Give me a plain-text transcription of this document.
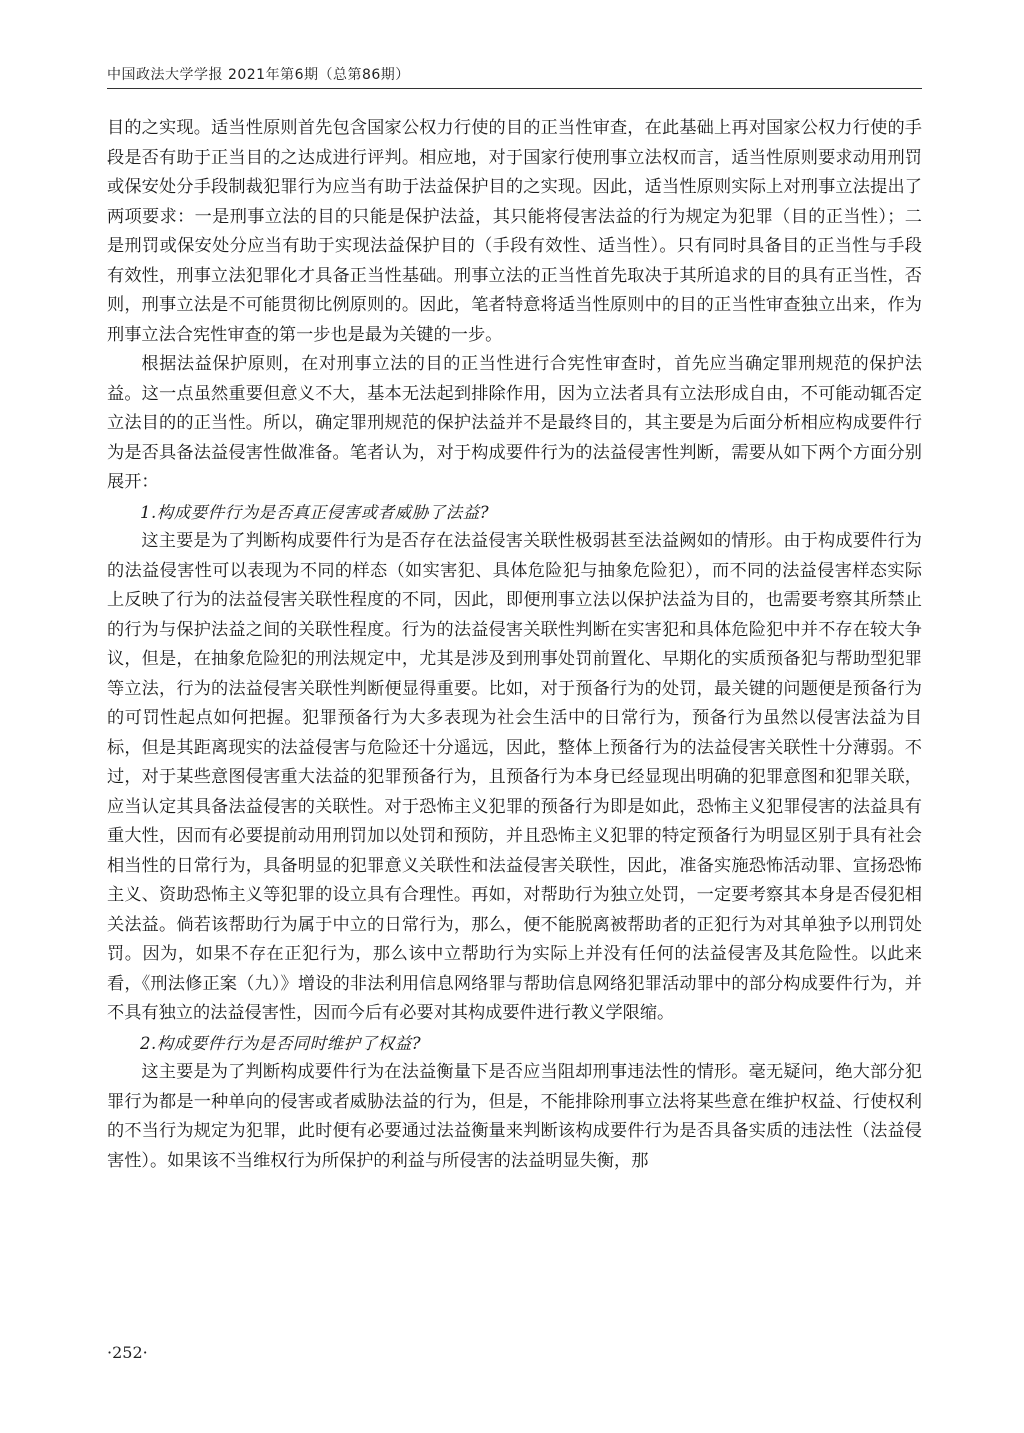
中国政法大学学报 2021年第6期（总第86期）

目的之实现。适当性原则首先包含国家公权力行使的目的正当性审查，在此基础上再对国家公权力行使的手段是否有助于正当目的之达成进行评判。相应地，对于国家行使刑事立法权而言，适当性原则要求动用刑罚或保安处分手段制裁犯罪行为应当有助于法益保护目的之实现。因此，适当性原则实际上对刑事立法提出了两项要求：一是刑事立法的目的只能是保护法益，其只能将侵害法益的行为规定为犯罪（目的正当性）；二是刑罚或保安处分应当有助于实现法益保护目的（手段有效性、适当性）。只有同时具备目的正当性与手段有效性，刑事立法犯罪化才具备正当性基础。刑事立法的正当性首先取决于其所追求的目的具有正当性，否则，刑事立法是不可能贯彻比例原则的。因此，笔者特意将适当性原则中的目的正当性审查独立出来，作为刑事立法合宪性审查的第一步也是最为关键的一步。

根据法益保护原则，在对刑事立法的目的正当性进行合宪性审查时，首先应当确定罪刑规范的保护法益。这一点虽然重要但意义不大，基本无法起到排除作用，因为立法者具有立法形成自由，不可能动辄否定立法目的的正当性。所以，确定罪刑规范的保护法益并不是最终目的，其主要是为后面分析相应构成要件行为是否具备法益侵害性做准备。笔者认为，对于构成要件行为的法益侵害性判断，需要从如下两个方面分别展开：

1.构成要件行为是否真正侵害或者威胁了法益?

这主要是为了判断构成要件行为是否存在法益侵害关联性极弱甚至法益阙如的情形。由于构成要件行为的法益侵害性可以表现为不同的样态（如实害犯、具体危险犯与抽象危险犯），而不同的法益侵害样态实际上反映了行为的法益侵害关联性程度的不同，因此，即便刑事立法以保护法益为目的，也需要考察其所禁止的行为与保护法益之间的关联性程度。行为的法益侵害关联性判断在实害犯和具体危险犯中并不存在较大争议，但是，在抽象危险犯的刑法规定中，尤其是涉及到刑事处罚前置化、早期化的实质预备犯与帮助型犯罪等立法，行为的法益侵害关联性判断便显得重要。比如，对于预备行为的处罚，最关键的问题便是预备行为的可罚性起点如何把握。犯罪预备行为大多表现为社会生活中的日常行为，预备行为虽然以侵害法益为目标，但是其距离现实的法益侵害与危险还十分遥远，因此，整体上预备行为的法益侵害关联性十分薄弱。不过，对于某些意图侵害重大法益的犯罪预备行为，且预备行为本身已经显现出明确的犯罪意图和犯罪关联，应当认定其具备法益侵害的关联性。对于恐怖主义犯罪的预备行为即是如此，恐怖主义犯罪侵害的法益具有重大性，因而有必要提前动用刑罚加以处罚和预防，并且恐怖主义犯罪的特定预备行为明显区别于具有社会相当性的日常行为，具备明显的犯罪意义关联性和法益侵害关联性，因此，准备实施恐怖活动罪、宣扬恐怖主义、资助恐怖主义等犯罪的设立具有合理性。再如，对帮助行为独立处罚，一定要考察其本身是否侵犯相关法益。倘若该帮助行为属于中立的日常行为，那么，便不能脱离被帮助者的正犯行为对其单独予以刑罚处罚。因为，如果不存在正犯行为，那么该中立帮助行为实际上并没有任何的法益侵害及其危险性。以此来看，《刑法修正案（九）》增设的非法利用信息网络罪与帮助信息网络犯罪活动罪中的部分构成要件行为，并不具有独立的法益侵害性，因而今后有必要对其构成要件进行教义学限缩。

2.构成要件行为是否同时维护了权益?

这主要是为了判断构成要件行为在法益衡量下是否应当阻却刑事违法性的情形。毫无疑问，绝大部分犯罪行为都是一种单向的侵害或者威胁法益的行为，但是，不能排除刑事立法将某些意在维护权益、行使权利的不当行为规定为犯罪，此时便有必要通过法益衡量来判断该构成要件行为是否具备实质的违法性（法益侵害性）。如果该不当维权行为所保护的利益与所侵害的法益明显失衡，那

·252·
